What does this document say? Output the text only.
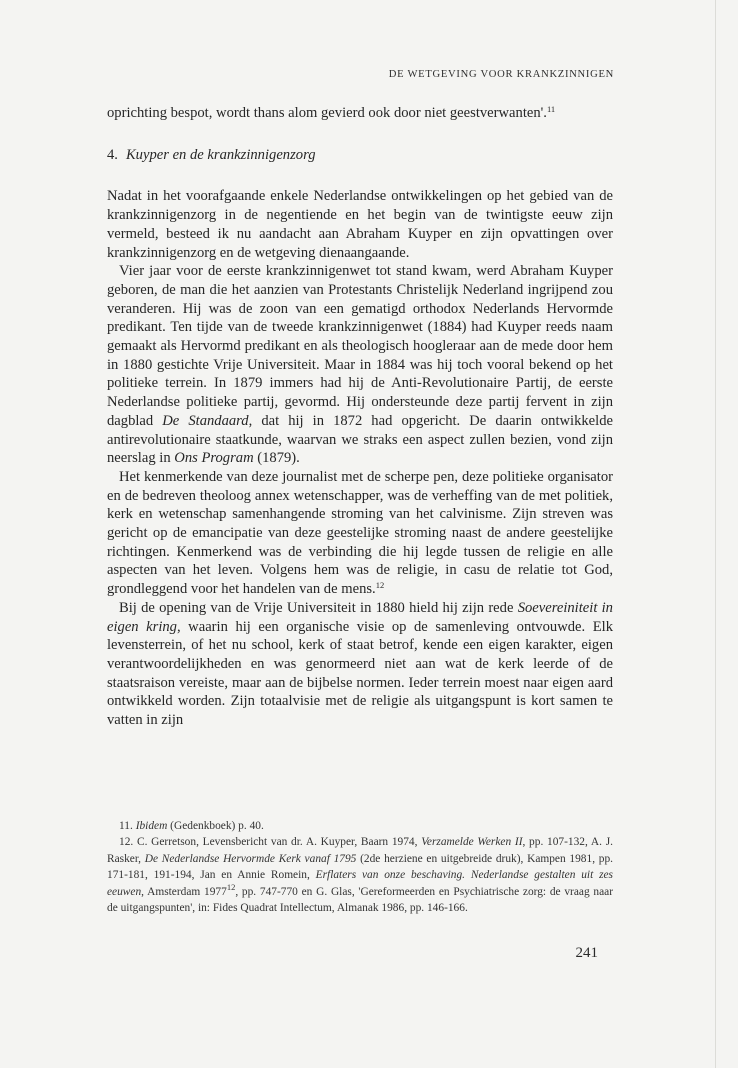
DE WETGEVING VOOR KRANKZINNIGEN

oprichting bespot, wordt thans alom gevierd ook door niet geestverwanten'.$^{11}$

4. Kuyper en de krankzinnigenzorg

Nadat in het voorafgaande enkele Nederlandse ontwikkelingen op het gebied van de krankzinnigenzorg in de negentiende en het begin van de twintigste eeuw zijn vermeld, besteed ik nu aandacht aan Abraham Kuyper en zijn opvattingen over krankzinnigenzorg en de wetgeving dienaangaande.

Vier jaar voor de eerste krankzinnigenwet tot stand kwam, werd Abraham Kuyper geboren, de man die het aanzien van Protestants Christelijk Nederland ingrijpend zou veranderen. Hij was de zoon van een gematigd orthodox Nederlands Hervormde predikant. Ten tijde van de tweede krankzinnigenwet (1884) had Kuyper reeds naam gemaakt als Hervormd predikant en als theologisch hoogleraar aan de mede door hem in 1880 gestichte Vrije Universiteit. Maar in 1884 was hij toch vooral bekend op het politieke terrein. In 1879 immers had hij de Anti-Revolutionaire Partij, de eerste Nederlandse politieke partij, gevormd. Hij ondersteunde deze partij fervent in zijn dagblad De Standaard, dat hij in 1872 had opgericht. De daarin ontwikkelde antirevolutionaire staatkunde, waarvan we straks een aspect zullen bezien, vond zijn neerslag in Ons Program (1879).

Het kenmerkende van deze journalist met de scherpe pen, deze politieke organisator en de bedreven theoloog annex wetenschapper, was de verheffing van de met politiek, kerk en wetenschap samenhangende stroming van het calvinisme. Zijn streven was gericht op de emancipatie van deze geestelijke stroming naast de andere geestelijke richtingen. Kenmerkend was de verbinding die hij legde tussen de religie en alle aspecten van het leven. Volgens hem was de religie, in casu de relatie tot God, grondleggend voor het handelen van de mens.$^{12}$

Bij de opening van de Vrije Universiteit in 1880 hield hij zijn rede Soevereiniteit in eigen kring, waarin hij een organische visie op de samenleving ontvouwde. Elk levensterrein, of het nu school, kerk of staat betrof, kende een eigen karakter, eigen verantwoordelijkheden en was genormeerd niet aan wat de kerk leerde of de staatsraison vereiste, maar aan de bijbelse normen. Ieder terrein moest naar eigen aard ontwikkeld worden. Zijn totaalvisie met de religie als uitgangspunt is kort samen te vatten in zijn

11. Ibidem (Gedenkboek) p. 40.

12. C. Gerretson, Levensbericht van dr. A. Kuyper, Baarn 1974, Verzamelde Werken II, pp. 107-132, A. J. Rasker, De Nederlandse Hervormde Kerk vanaf 1795 (2de herziene en uitgebreide druk), Kampen 1981, pp. 171-181, 191-194, Jan en Annie Romein, Erflaters van onze beschaving. Nederlandse gestalten uit zes eeuwen, Amsterdam 1977$^{12}$, pp. 747-770 en G. Glas, 'Gereformeerden en Psychiatrische zorg: de vraag naar de uitgangspunten', in: Fides Quadrat Intellectum, Almanak 1986, pp. 146-166.

241
